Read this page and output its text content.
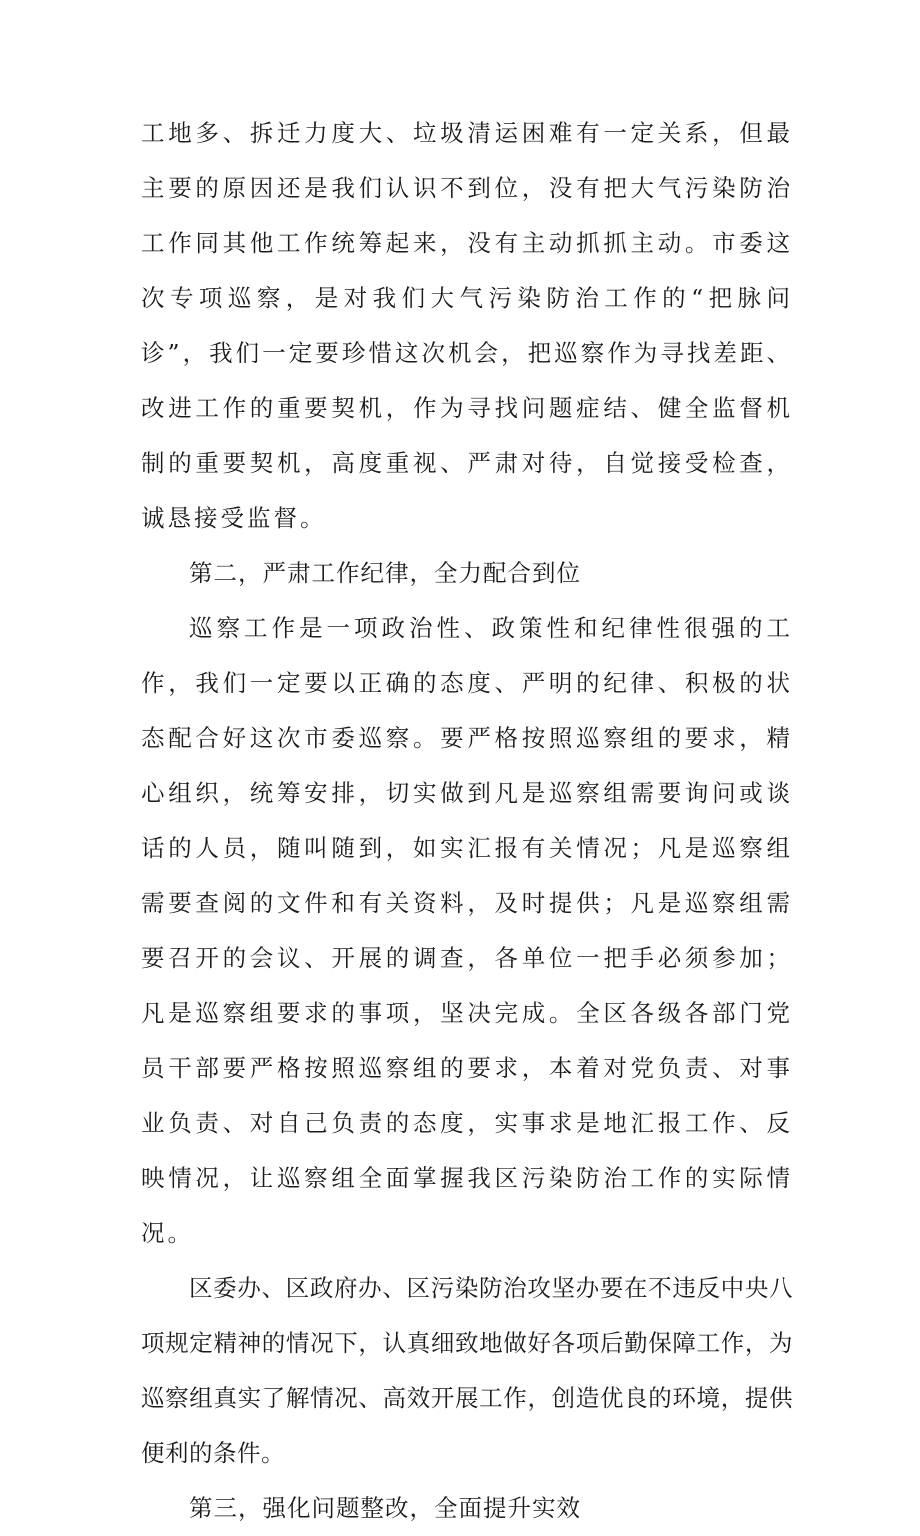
工地多、拆迁力度大、垃圾清运困难有一定关系，但最主要的原因还是我们认识不到位，没有把大气污染防治工作同其他工作统筹起来，没有主动抓抓主动。市委这次专项巡察，是对我们大气污染防治工作的“把脉问诊”，我们一定要珍惜这次机会，把巡察作为寻找差距、改进工作的重要契机，作为寻找问题症结、健全监督机制的重要契机，高度重视、严肃对待，自觉接受检查，诚恳接受监督。

第二，严肃工作纪律，全力配合到位

巡察工作是一项政治性、政策性和纪律性很强的工作，我们一定要以正确的态度、严明的纪律、积极的状态配合好这次市委巡察。要严格按照巡察组的要求，精心组织，统筹安排，切实做到凡是巡察组需要询问或谈话的人员，随叫随到，如实汇报有关情况；凡是巡察组需要查阅的文件和有关资料，及时提供；凡是巡察组需要召开的会议、开展的调查，各单位一把手必须参加；凡是巡察组要求的事项，坚决完成。全区各级各部门党员干部要严格按照巡察组的要求，本着对党负责、对事业负责、对自己负责的态度，实事求是地汇报工作、反映情况，让巡察组全面掌握我区污染防治工作的实际情况。

区委办、区政府办、区污染防治攻坚办要在不违反中央八项规定精神的情况下，认真细致地做好各项后勤保障工作，为巡察组真实了解情况、高效开展工作，创造优良的环境，提供便利的条件。

第三，强化问题整改，全面提升实效
